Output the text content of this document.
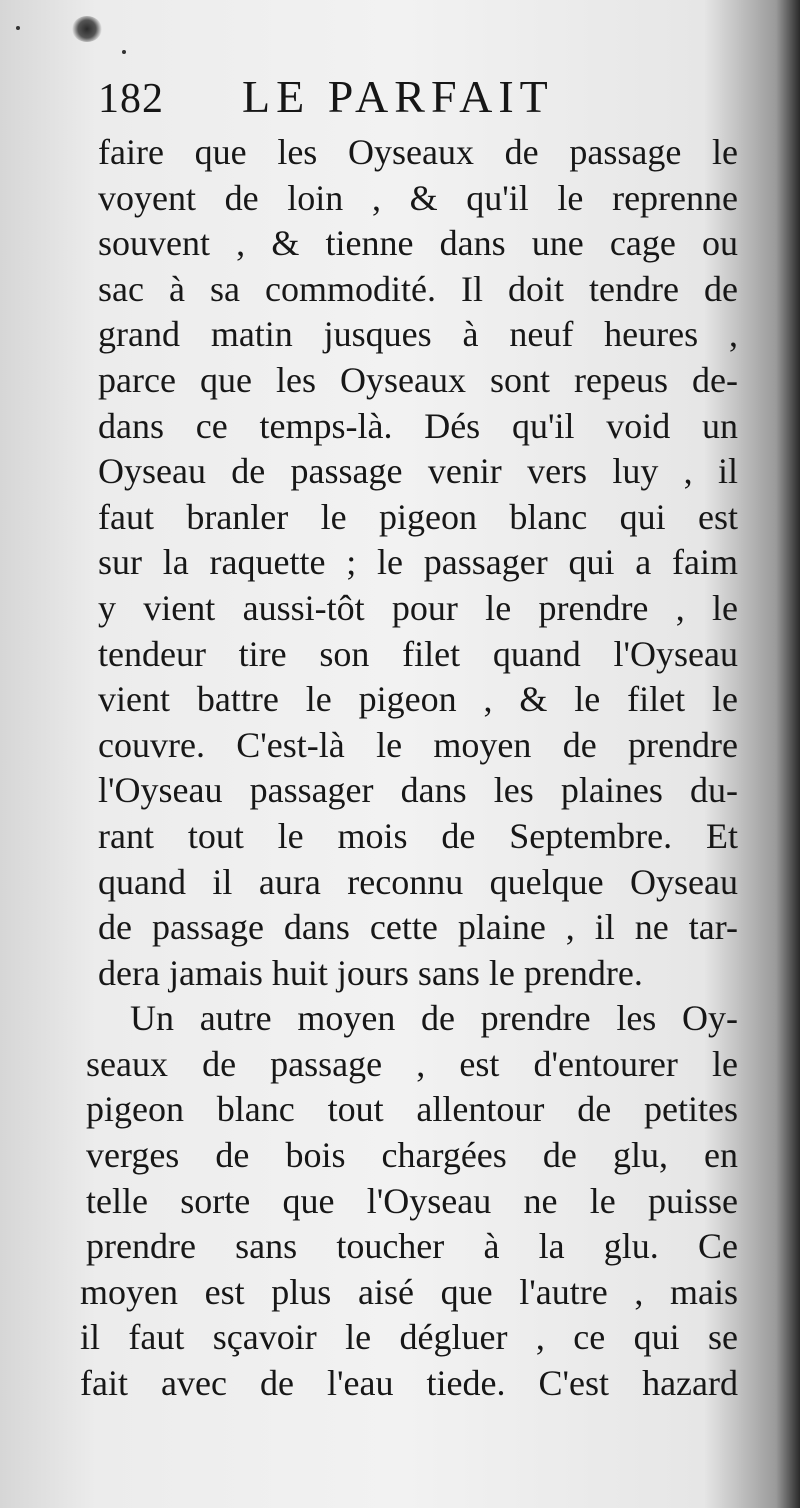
182 LE PARFAIT
faire que les Oyseaux de passage le
voyent de loin , & qu'il le reprenne
souvent , & tienne dans une cage ou
sac à sa commodité. Il doit tendre de
grand matin jusques à neuf heures ,
parce que les Oyseaux sont repeus de-
dans ce temps-là. Dés qu'il void un
Oyseau de passage venir vers luy , il
faut branler le pigeon blanc qui est
sur la raquette ; le passager qui a faim
y vient aussi-tôt pour le prendre , le
tendeur tire son filet quand l'Oyseau
vient battre le pigeon , & le filet le
couvre. C'est-là le moyen de prendre
l'Oyseau passager dans les plaines du-
rant tout le mois de Septembre. Et
quand il aura reconnu quelque Oyseau
de passage dans cette plaine , il ne tar-
dera jamais huit jours sans le prendre.
Un autre moyen de prendre les Oy-
seaux de passage , est d'entourer le
pigeon blanc tout allentour de petites
verges de bois chargées de glu, en
telle sorte que l'Oyseau ne le puisse
prendre sans toucher à la glu. Ce
moyen est plus aisé que l'autre , mais
il faut sçavoir le dégluer , ce qui se
fait avec de l'eau tiede. C'est hazard
